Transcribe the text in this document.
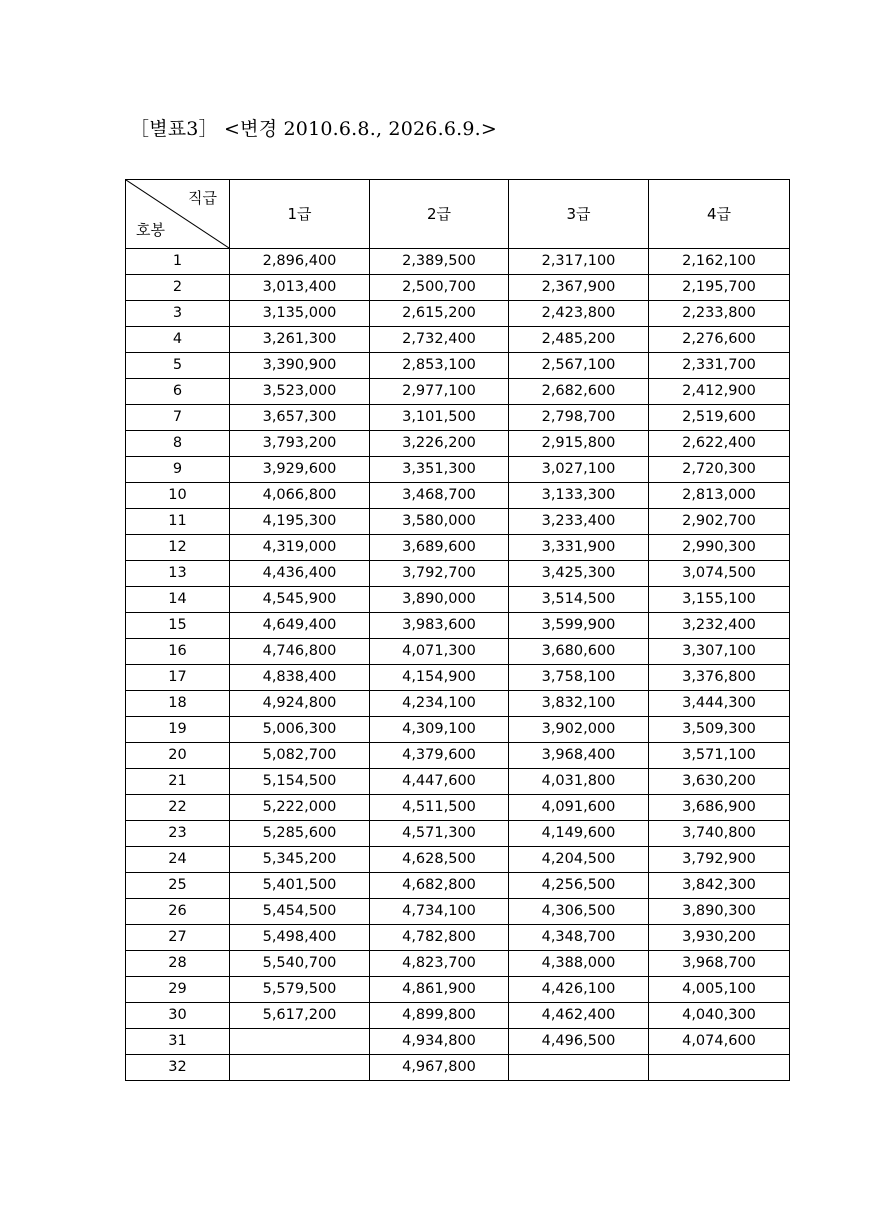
［별표3］ <변경 2010.6.8., 2026.6.9.>
직급
호봉	1급	2급	3급	4급
1	2,896,400	2,389,500	2,317,100	2,162,100
2	3,013,400	2,500,700	2,367,900	2,195,700
3	3,135,000	2,615,200	2,423,800	2,233,800
4	3,261,300	2,732,400	2,485,200	2,276,600
5	3,390,900	2,853,100	2,567,100	2,331,700
6	3,523,000	2,977,100	2,682,600	2,412,900
7	3,657,300	3,101,500	2,798,700	2,519,600
8	3,793,200	3,226,200	2,915,800	2,622,400
9	3,929,600	3,351,300	3,027,100	2,720,300
10	4,066,800	3,468,700	3,133,300	2,813,000
11	4,195,300	3,580,000	3,233,400	2,902,700
12	4,319,000	3,689,600	3,331,900	2,990,300
13	4,436,400	3,792,700	3,425,300	3,074,500
14	4,545,900	3,890,000	3,514,500	3,155,100
15	4,649,400	3,983,600	3,599,900	3,232,400
16	4,746,800	4,071,300	3,680,600	3,307,100
17	4,838,400	4,154,900	3,758,100	3,376,800
18	4,924,800	4,234,100	3,832,100	3,444,300
19	5,006,300	4,309,100	3,902,000	3,509,300
20	5,082,700	4,379,600	3,968,400	3,571,100
21	5,154,500	4,447,600	4,031,800	3,630,200
22	5,222,000	4,511,500	4,091,600	3,686,900
23	5,285,600	4,571,300	4,149,600	3,740,800
24	5,345,200	4,628,500	4,204,500	3,792,900
25	5,401,500	4,682,800	4,256,500	3,842,300
26	5,454,500	4,734,100	4,306,500	3,890,300
27	5,498,400	4,782,800	4,348,700	3,930,200
28	5,540,700	4,823,700	4,388,000	3,968,700
29	5,579,500	4,861,900	4,426,100	4,005,100
30	5,617,200	4,899,800	4,462,400	4,040,300
31		4,934,800	4,496,500	4,074,600
32		4,967,800		
